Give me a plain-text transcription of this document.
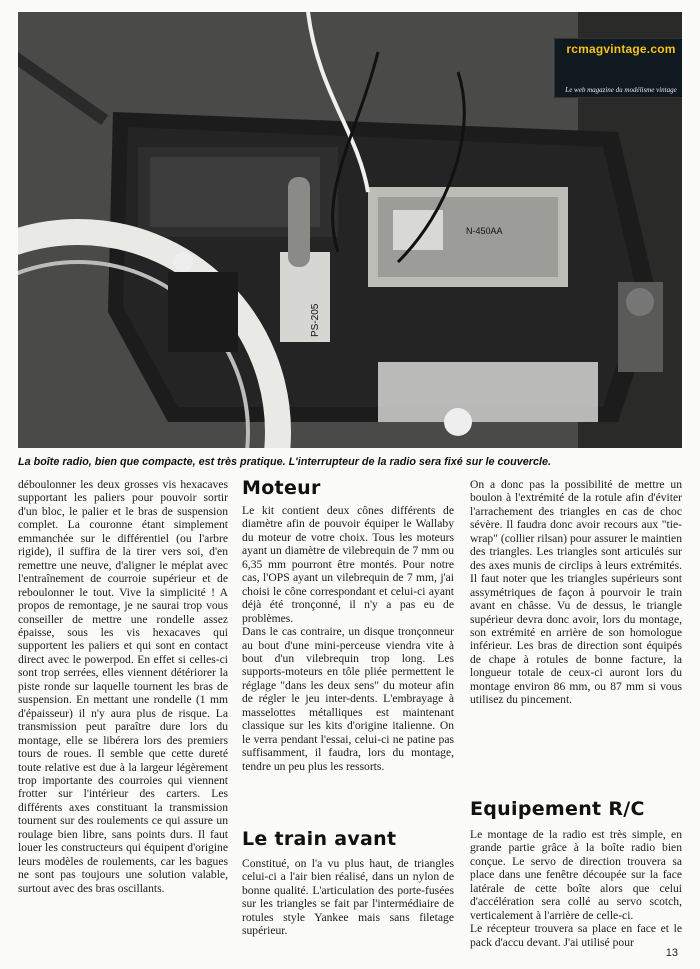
N-450AA
PS-205
rcmagvintage.com
Le web magazine du modélisme vintage
La boîte radio, bien que compacte, est très pratique. L'interrupteur de la radio sera fixé sur le couvercle.

déboulonner les deux grosses vis hexacaves supportant les paliers pour pouvoir sortir d'un bloc, le palier et le bras de suspension complet. La couronne étant simplement emmanchée sur le différentiel (ou l'arbre rigide), il suffira de la tirer vers soi, d'en remettre une neuve, d'aligner le méplat avec l'entraînement de courroie supérieur et de reboulonner le tout. Vive la simplicité ! A propos de remontage, je ne saurai trop vous conseiller de mettre une rondelle assez épaisse, sous les vis hexacaves qui supportent les paliers et qui sont en contact direct avec le powerpod. En effet si celles-ci sont trop serrées, elles viennent détériorer la piste ronde sur laquelle tournent les bras de suspension. En mettant une rondelle (1 mm d'épaisseur) il n'y aura plus de risque. La transmission peut paraître dure lors du montage, elle se libérera lors des premiers tours de roues. Il semble que cette dureté toute relative est due à la largeur légèrement trop importante des courroies qui viennent frotter sur l'intérieur des carters. Les différents axes constituant la transmission tournent sur des roulements ce qui assure un roulage bien libre, sans points durs. Il faut louer les constructeurs qui équipent d'origine leurs modèles de roulements, car les bagues ne sont pas toujours une solution valable, surtout avec des bras oscillants.

Moteur

Le kit contient deux cônes différents de diamètre afin de pouvoir équiper le Wallaby du moteur de votre choix. Tous les moteurs ayant un diamètre de vilebrequin de 7 mm ou 6,35 mm pourront être montés. Pour notre cas, l'OPS ayant un vilebrequin de 7 mm, j'ai choisi le cône correspondant et celui-ci ayant déjà été tronçonné, il n'y a pas eu de problèmes.

Dans le cas contraire, un disque tronçonneur au bout d'une mini-perceuse viendra vite à bout d'un vilebrequin trop long. Les supports-moteurs en tôle pliée permettent le réglage "dans les deux sens" du moteur afin de régler le jeu inter-dents. L'embrayage à masselottes métalliques est maintenant classique sur les kits d'origine italienne. On le verra pendant l'essai, celui-ci ne patine pas suffisamment, il faudra, lors du montage, tendre un peu plus les ressorts.

Le train avant

Constitué, on l'a vu plus haut, de triangles celui-ci a l'air bien réalisé, dans un nylon de bonne qualité. L'articulation des porte-fusées sur les triangles se fait par l'intermédiaire de rotules style Yankee mais sans filetage supérieur.

On a donc pas la possibilité de mettre un boulon à l'extrémité de la rotule afin d'éviter l'arrachement des triangles en cas de choc sévère. Il faudra donc avoir recours aux "tie-wrap" (collier rilsan) pour assurer le maintien des triangles. Les triangles sont articulés sur des axes munis de circlips à leurs extrémités. Il faut noter que les triangles supérieurs sont assymétriques de façon à pourvoir le train avant en châsse. Vu de dessus, le triangle supérieur devra donc avoir, lors du montage, son extrémité en arrière de son homologue inférieur. Les bras de direction sont équipés de chape à rotules de bonne facture, la longueur totale de ceux-ci auront lors du montage environ 86 mm, ou 87 mm si vous utilisez du pincement.

Equipement R/C

Le montage de la radio est très simple, en grande partie grâce à la boîte radio bien conçue. Le servo de direction trouvera sa place dans une fenêtre découpée sur la face latérale de cette boîte alors que celui d'accélération sera collé au servo scotch, verticalement à l'arrière de celle-ci.

Le récepteur trouvera sa place en face et le pack d'accu devant. J'ai utilisé pour

13
